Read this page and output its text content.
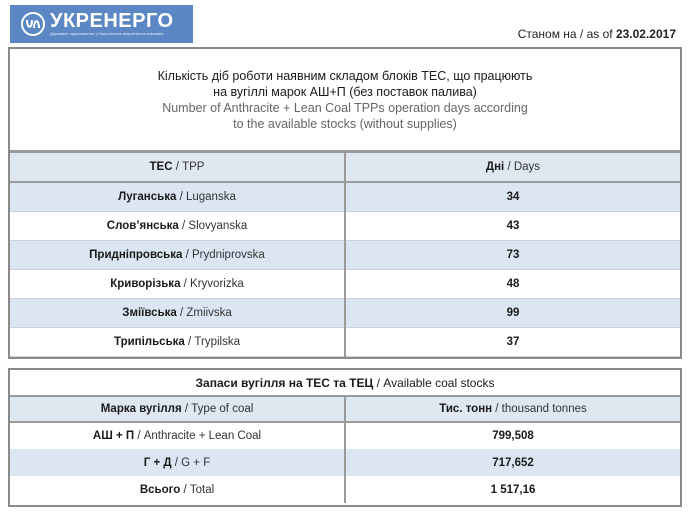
УКРЕНЕРГО
Державне підприємство | Національна енергетична компанія	Станом на / as of 23.02.2017
Кількість діб роботи наявним складом блоків ТЕС, що працюють
на вугіллі марок АШ+П (без поставок палива)
Number of Anthracite + Lean Coal TPPs operation days according
to the available stocks (without supplies)
ТЕС / TPP	Дні / Days
Луганська / Luganska	34
Слов’янська / Slovyanska	43
Придніпровська / Prydniprovska	73
Криворізька / Kryvorizka	48
Зміївська / Zmiivska	99
Трипільська / Trypilska	37
Запаси вугілля на ТЕС та ТЕЦ / Available coal stocks	
Марка вугілля / Type of coal	Тис. тонн / thousand tonnes
АШ + П / Anthracite + Lean Coal	799,508
Г + Д / G + F	717,652
Всього / Total	1 517,16
